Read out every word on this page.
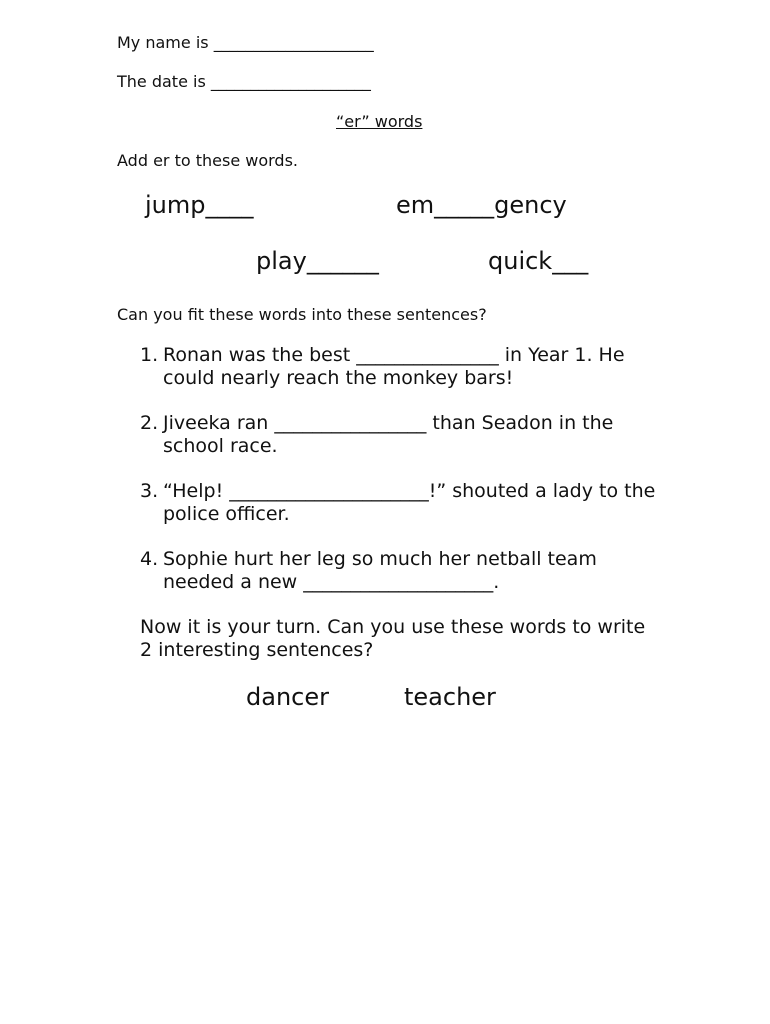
My name is ____________________
The date is ____________________
“er” words
Add er to these words.
jump____	em_____gency
play______	quick___
Can you fit these words into these sentences?
1. Ronan was the best _______________ in Year 1. He could nearly reach the monkey bars!
2. Jiveeka ran ________________ than Seadon in the school race.
3. “Help! _____________________!” shouted a lady to the police officer.
4. Sophie hurt her leg so much her netball team needed a new ____________________.
Now it is your turn. Can you use these words to write 2 interesting sentences?
dancer	teacher
